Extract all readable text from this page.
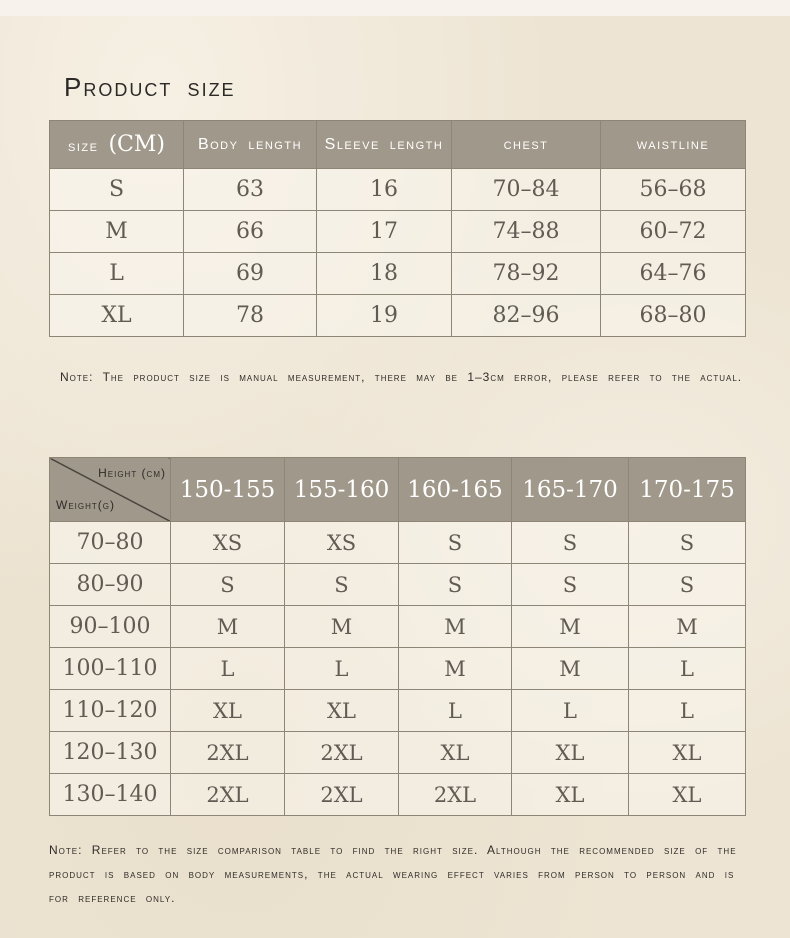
Product size
size (CM)	Body length	Sleeve length	chest	waistline
S	63	16	70–84	56–68
M	66	17	74–88	60–72
L	69	18	78–92	64–76
XL	78	19	82–96	68–80
Note: The product size is manual measurement, there may be 1–3cm error, please refer to the actual.
Height (cm)
Weight(g)	150-155	155-160	160-165	165-170	170-175
70–80	XS	XS	S	S	S
80–90	S	S	S	S	S
90–100	M	M	M	M	M
100–110	L	L	M	M	L
110–120	XL	XL	L	L	L
120–130	2XL	2XL	XL	XL	XL
130–140	2XL	2XL	2XL	XL	XL
Note: Refer to the size comparison table to find the right size. Although the recommended size of the product is based on body measurements, the actual wearing effect varies from person to person and is for reference only.
